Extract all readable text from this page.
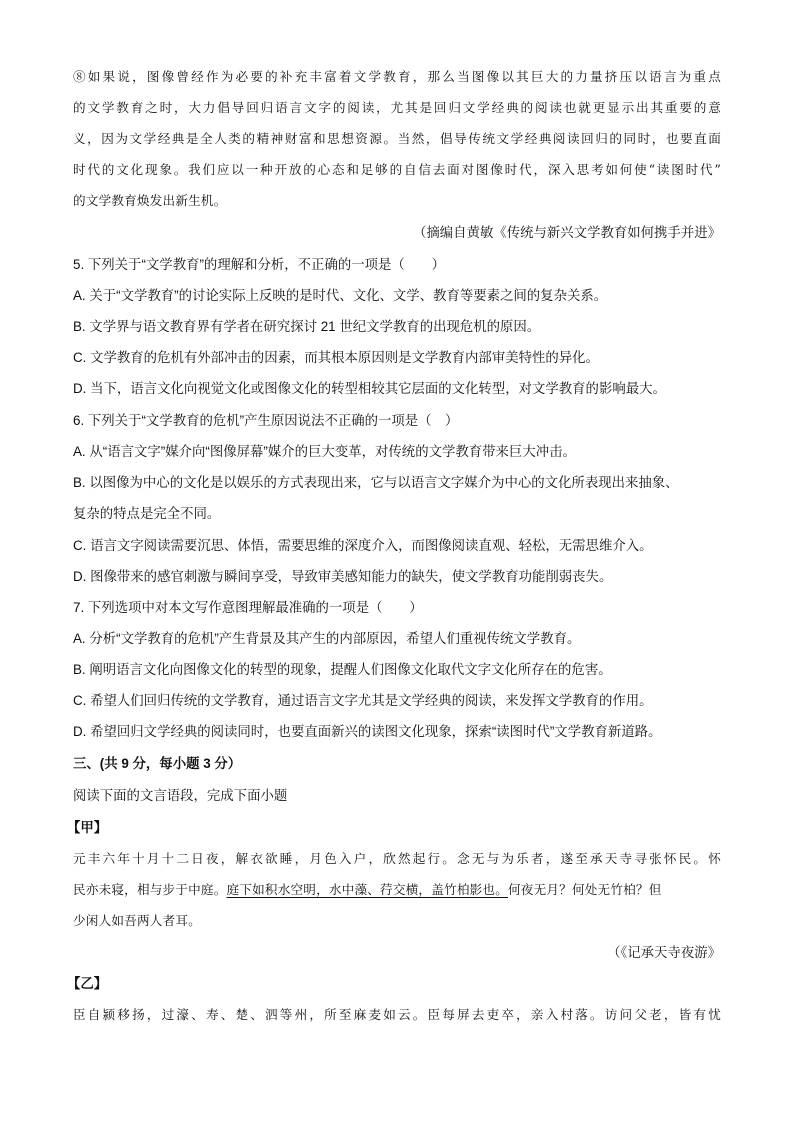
⑧如果说，图像曾经作为必要的补充丰富着文学教育，那么当图像以其巨大的力量挤压以语言为重点
的文学教育之时，大力倡导回归语言文字的阅读，尤其是回归文学经典的阅读也就更显示出其重要的意
义，因为文学经典是全人类的精神财富和思想资源。当然，倡导传统文学经典阅读回归的同时，也要直面
时代的文化现象。我们应以一种开放的心态和足够的自信去面对图像时代，深入思考如何使“读图时代”
的文学教育焕发出新生机。
（摘编自黄敏《传统与新兴文学教育如何携手并进》
5. 下列关于“文学教育”的理解和分析，不正确的一项是（　　）
A. 关于“文学教育”的讨论实际上反映的是时代、文化、文学、教育等要素之间的复杂关系。
B. 文学界与语文教育界有学者在研究探讨 21 世纪文学教育的出现危机的原因。
C. 文学教育的危机有外部冲击的因素，而其根本原因则是文学教育内部审美特性的异化。
D. 当下，语言文化向视觉文化或图像文化的转型相较其它层面的文化转型，对文学教育的影响最大。
6. 下列关于“文学教育的危机”产生原因说法不正确的一项是（　）
A. 从“语言文字”媒介向“图像屏幕”媒介的巨大变革，对传统的文学教育带来巨大冲击。
B. 以图像为中心的文化是以娱乐的方式表现出来，它与以语言文字媒介为中心的文化所表现出来抽象、
复杂的特点是完全不同。
C. 语言文字阅读需要沉思、体悟，需要思维的深度介入，而图像阅读直观、轻松，无需思维介入。
D. 图像带来的感官刺激与瞬间享受，导致审美感知能力的缺失，使文学教育功能削弱丧失。
7. 下列选项中对本文写作意图理解最准确的一项是（　　）
A. 分析“文学教育的危机”产生背景及其产生的内部原因，希望人们重视传统文学教育。
B. 阐明语言文化向图像文化的转型的现象，提醒人们图像文化取代文字文化所存在的危害。
C. 希望人们回归传统的文学教育，通过语言文字尤其是文学经典的阅读，来发挥文学教育的作用。
D. 希望回归文学经典的阅读同时，也要直面新兴的读图文化现象，探索“读图时代”文学教育新道路。
三、(共 9 分，每小题 3 分）
阅读下面的文言语段，完成下面小题
【甲】
元丰六年十月十二日夜，解衣欲睡，月色入户，欣然起行。念无与为乐者，遂至承天寺寻张怀民。怀
民亦未寝，相与步于中庭。庭下如积水空明，水中藻、荇交横，盖竹柏影也。何夜无月？何处无竹柏？但
少闲人如吾两人者耳。
（《记承天寺夜游》
【乙】
臣自颍移扬，过濠、寿、楚、泗等州，所至麻麦如云。臣每屏去吏卒，亲入村落。访问父老，皆有忧
